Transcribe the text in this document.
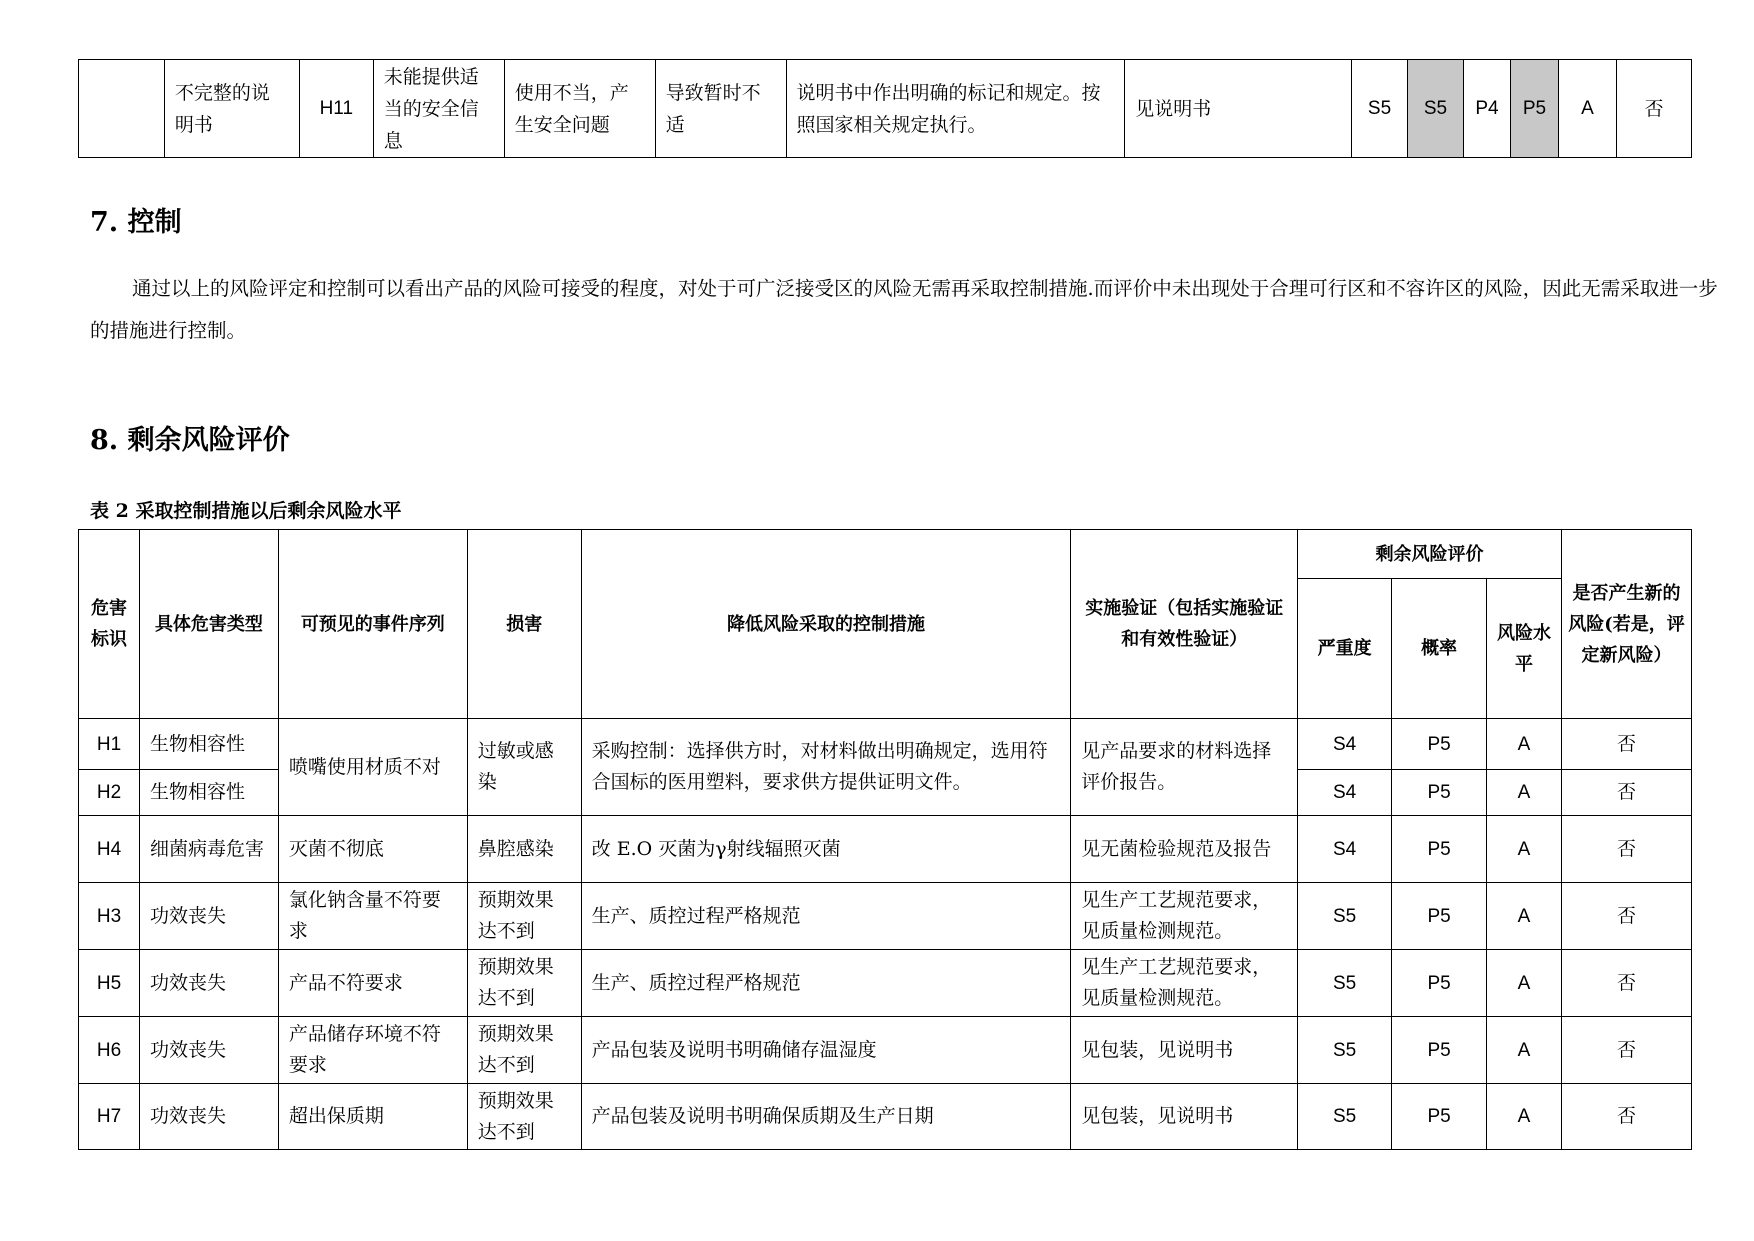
	不完整的说明书	H11	未能提供适当的安全信息	使用不当，产生安全问题	导致暂时不适	说明书中作出明确的标记和规定。按照国家相关规定执行。	见说明书	S5	S5	P4	P5	A	否
7. 控制

通过以上的风险评定和控制可以看出产品的风险可接受的程度，对处于可广泛接受区的风险无需再采取控制措施.而评价中未出现处于合理可行区和不容许区的风险，因此无需采取进一步的措施进行控制。

8. 剩余风险评价
表 2 采取控制措施以后剩余风险水平
危害标识	具体危害类型	可预见的事件序列	损害	降低风险采取的控制措施	实施验证（包括实施验证和有效性验证）	剩余风险评价			是否产生新的风险(若是，评定新风险）
						严重度	概率	风险水平	
H1	生物相容性	喷嘴使用材质不对	过敏或感染	采购控制：选择供方时，对材料做出明确规定，选用符合国标的医用塑料，要求供方提供证明文件。	见产品要求的材料选择评价报告。	S4	P5	A	否
H2	生物相容性					S4	P5	A	否
H4	细菌病毒危害	灭菌不彻底	鼻腔感染	改 E.O 灭菌为γ射线辐照灭菌	见无菌检验规范及报告	S4	P5	A	否
H3	功效丧失	氯化钠含量不符要求	预期效果达不到	生产、质控过程严格规范	见生产工艺规范要求，见质量检测规范。	S5	P5	A	否
H5	功效丧失	产品不符要求	预期效果达不到	生产、质控过程严格规范	见生产工艺规范要求，见质量检测规范。	S5	P5	A	否
H6	功效丧失	产品储存环境不符要求	预期效果达不到	产品包装及说明书明确储存温湿度	见包装，见说明书	S5	P5	A	否
H7	功效丧失	超出保质期	预期效果达不到	产品包装及说明书明确保质期及生产日期	见包装，见说明书	S5	P5	A	否
